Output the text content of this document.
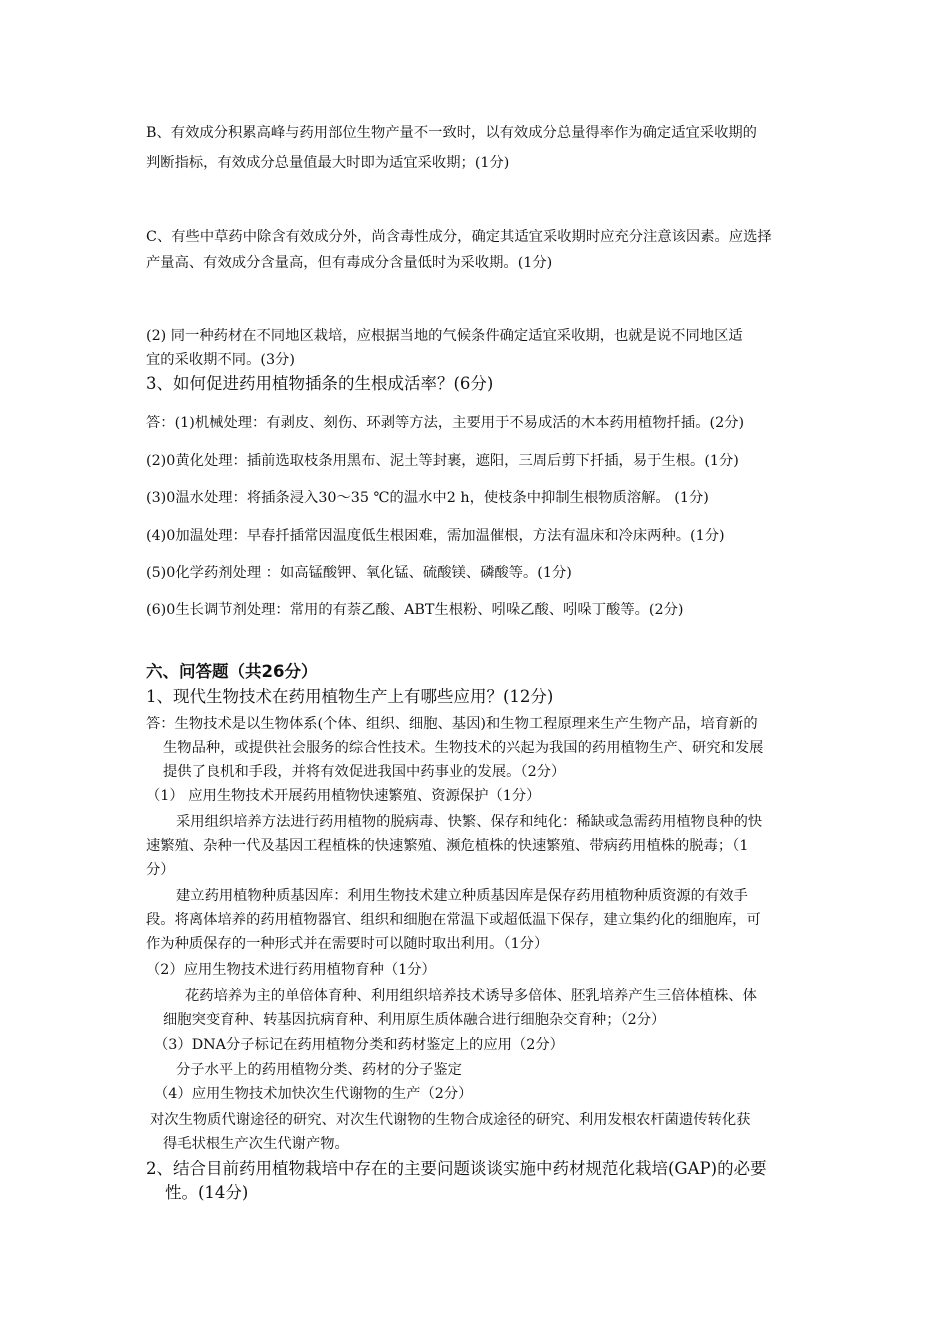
B、有效成分积累高峰与药用部位生物产量不一致时，以有效成分总量得率作为确定适宜采收期的
判断指标，有效成分总量值最大时即为适宜采收期；(1分)
C、有些中草药中除含有效成分外，尚含毒性成分，确定其适宜采收期时应充分注意该因素。应选择
产量高、有效成分含量高，但有毒成分含量低时为采收期。(1分)
(2) 同一种药材在不同地区栽培，应根据当地的气候条件确定适宜采收期，也就是说不同地区适
宜的采收期不同。(3分)
3、如何促进药用植物插条的生根成活率？(6分)
答：(1)机械处理：有剥皮、刻伤、环剥等方法，主要用于不易成活的木本药用植物扦插。(2分)
(2)0黄化处理：插前选取枝条用黑布、泥土等封裹，遮阳，三周后剪下扦插，易于生根。(1分)
(3)0温水处理：将插条浸入30～35 ℃的温水中2 h，使枝条中抑制生根物质溶解。 (1分)
(4)0加温处理：早春扦插常因温度低生根困难，需加温催根，方法有温床和冷床两种。(1分)
(5)0化学药剂处理 ：如高锰酸钾、氧化锰、硫酸镁、磷酸等。(1分)
(6)0生长调节剂处理：常用的有萘乙酸、ABT生根粉、吲哚乙酸、吲哚丁酸等。(2分)
六、问答题（共26分）
1、现代生物技术在药用植物生产上有哪些应用？(12分)
答：生物技术是以生物体系(个体、组织、细胞、基因)和生物工程原理来生产生物产品，培育新的
生物品种，或提供社会服务的综合性技术。生物技术的兴起为我国的药用植物生产、研究和发展
提供了良机和手段，并将有效促进我国中药事业的发展。（2分）
（1） 应用生物技术开展药用植物快速繁殖、资源保护（1分）
采用组织培养方法进行药用植物的脱病毒、快繁、保存和纯化：稀缺或急需药用植物良种的快
速繁殖、杂种一代及基因工程植株的快速繁殖、濒危植株的快速繁殖、带病药用植株的脱毒；（1
分）
建立药用植物种质基因库：利用生物技术建立种质基因库是保存药用植物种质资源的有效手
段。将离体培养的药用植物器官、组织和细胞在常温下或超低温下保存，建立集约化的细胞库，可
作为种质保存的一种形式并在需要时可以随时取出利用。（1分）
（2）应用生物技术进行药用植物育种（1分）
花药培养为主的单倍体育种、利用组织培养技术诱导多倍体、胚乳培养产生三倍体植株、体
细胞突变育种、转基因抗病育种、利用原生质体融合进行细胞杂交育种；（2分）
（3）DNA分子标记在药用植物分类和药材鉴定上的应用（2分）
分子水平上的药用植物分类、药材的分子鉴定
（4）应用生物技术加快次生代谢物的生产（2分）
对次生物质代谢途径的研究、对次生代谢物的生物合成途径的研究、利用发根农杆菌遗传转化获
得毛状根生产次生代谢产物。
2、结合目前药用植物栽培中存在的主要问题谈谈实施中药材规范化栽培(GAP)的必要
性。(14分)
